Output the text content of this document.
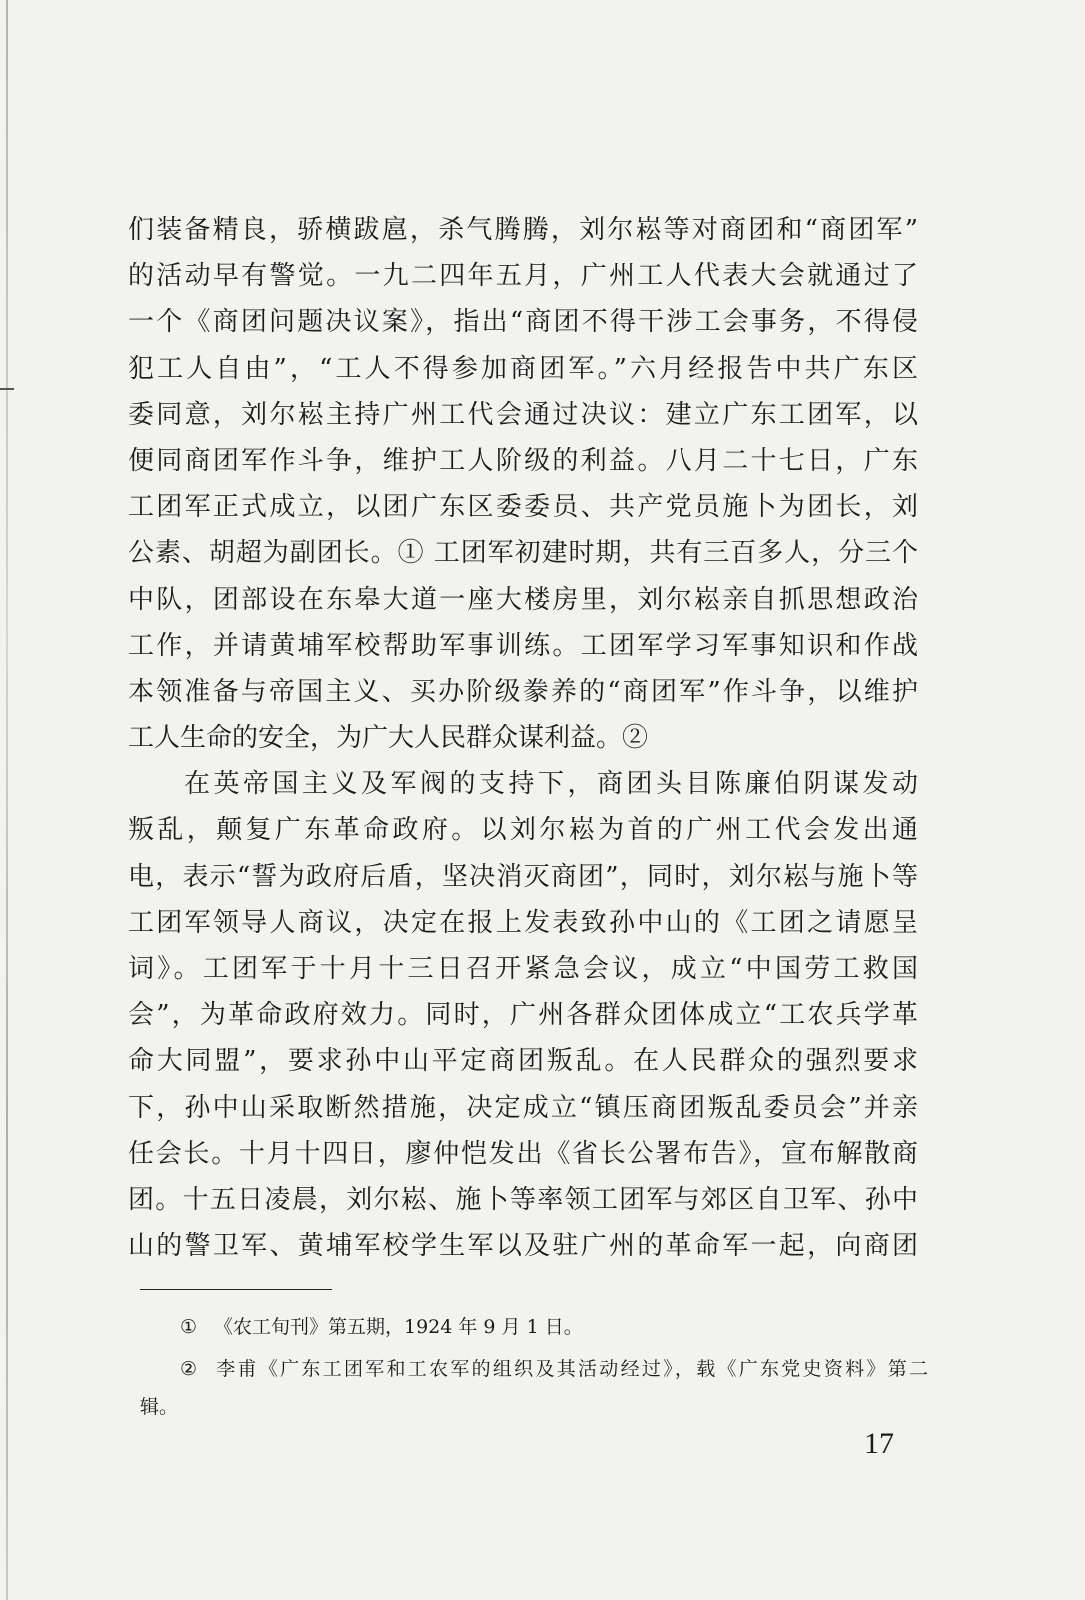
们装备精良，骄横跋扈，杀气腾腾，刘尔崧等对商团和“商团军”
的活动早有警觉。一九二四年五月，广州工人代表大会就通过了
一个《商团问题决议案》，指出“商团不得干涉工会事务，不得侵
犯工人自由”，“工人不得参加商团军。”六月经报告中共广东区
委同意，刘尔崧主持广州工代会通过决议：建立广东工团军，以
便同商团军作斗争，维护工人阶级的利益。八月二十七日，广东
工团军正式成立，以团广东区委委员、共产党员施卜为团长，刘
公素、胡超为副团长。① 工团军初建时期，共有三百多人，分三个
中队，团部设在东皋大道一座大楼房里，刘尔崧亲自抓思想政治
工作，并请黄埔军校帮助军事训练。工团军学习军事知识和作战
本领准备与帝国主义、买办阶级豢养的“商团军”作斗争，以维护
工人生命的安全，为广大人民群众谋利益。②
在英帝国主义及军阀的支持下，商团头目陈廉伯阴谋发动
叛乱，颠复广东革命政府。以刘尔崧为首的广州工代会发出通
电，表示“誓为政府后盾，坚决消灭商团”，同时，刘尔崧与施卜等
工团军领导人商议，决定在报上发表致孙中山的《工团之请愿呈
词》。工团军于十月十三日召开紧急会议，成立“中国劳工救国
会”，为革命政府效力。同时，广州各群众团体成立“工农兵学革
命大同盟”，要求孙中山平定商团叛乱。在人民群众的强烈要求
下，孙中山采取断然措施，决定成立“镇压商团叛乱委员会”并亲
任会长。十月十四日，廖仲恺发出《省长公署布告》，宣布解散商
团。十五日凌晨，刘尔崧、施卜等率领工团军与郊区自卫军、孙中
山的警卫军、黄埔军校学生军以及驻广州的革命军一起，向商团
① 《农工旬刊》第五期，1924 年 9 月 1 日。
② 李甫《广东工团军和工农军的组织及其活动经过》，载《广东党史资料》第二
辑。
17
